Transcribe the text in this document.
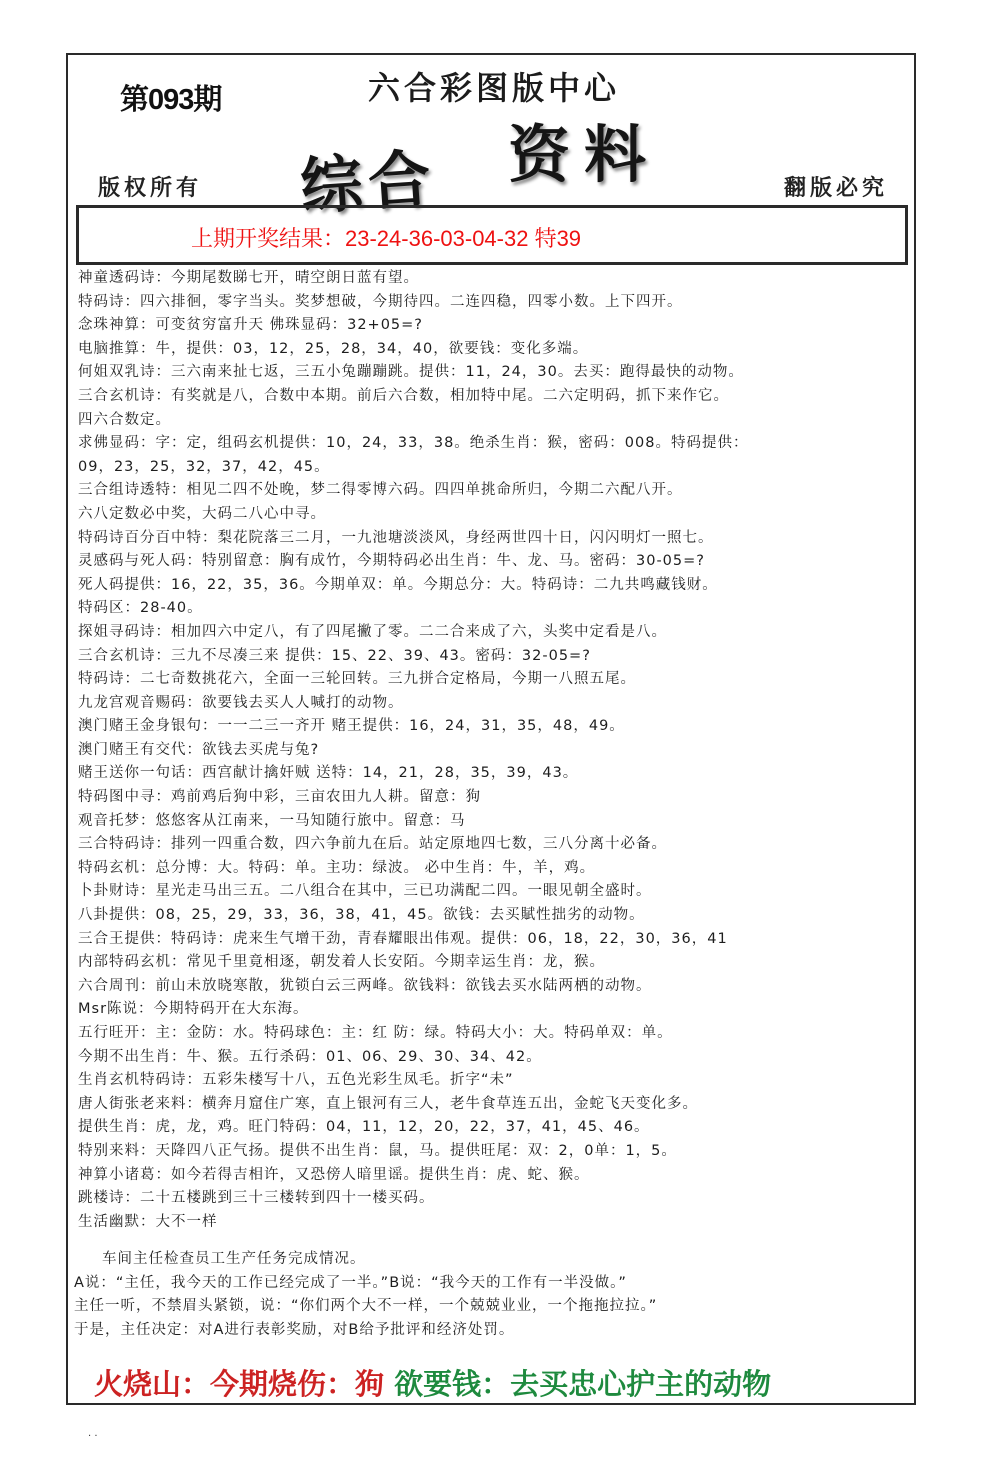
第093期	六合彩图版中心
综合 资料
版权所有	翻版必究
上期开奖结果：23-24-36-03-04-32 特39
神童透码诗：今期尾数睇七开，晴空朗日蓝有望。
特码诗：四六排徊，零字当头。奖梦想破，今期待四。二连四稳，四零小数。上下四开。
念珠神算：可变贫穷富升天 佛珠显码：32+05=?
电脑推算：牛，提供：03，12，25，28，34，40，欲要钱：变化多端。
何姐双乳诗：三六南来扯七返，三五小兔蹦蹦跳。提供：11，24，30。去买：跑得最快的动物。
三合玄机诗：有奖就是八，合数中本期。前后六合数，相加特中尾。二六定明码，抓下来作它。
四六合数定。
求佛显码：字：定，组码玄机提供：10，24，33，38。绝杀生肖：猴，密码：008。特码提供：
09，23，25，32，37，42，45。
三合组诗透特：相见二四不处晚，梦二得零博六码。四四单挑命所归，今期二六配八开。
六八定数必中奖，大码二八心中寻。
特码诗百分百中特：梨花院落三二月，一九池塘淡淡风，身经两世四十日，闪闪明灯一照七。
灵感码与死人码：特别留意：胸有成竹，今期特码必出生肖：牛、龙、马。密码：30-05=?
死人码提供：16，22，35，36。今期单双：单。今期总分：大。特码诗：二九共鸣藏钱财。
特码区：28-40。
探姐寻码诗：相加四六中定八，有了四尾撇了零。二二合来成了六，头奖中定看是八。
三合玄机诗：三九不尽凑三来 提供：15、22、39、43。密码：32-05=?
特码诗：二七奇数挑花六，全面一三轮回转。三九拼合定格局，今期一八照五尾。
九龙宫观音赐码：欲要钱去买人人喊打的动物。
澳门赌王金身银句：一一二三一齐开 赌王提供：16，24，31，35，48，49。
澳门赌王有交代：欲钱去买虎与兔?
赌王送你一句话：西宫献计擒奸贼 送特：14，21，28，35，39，43。
特码图中寻：鸡前鸡后狗中彩，三亩农田九人耕。留意：狗
观音托梦：悠悠客从江南来，一马知随行旅中。留意：马
三合特码诗：排列一四重合数，四六争前九在后。站定原地四七数，三八分离十必备。
特码玄机：总分博：大。特码：单。主功：绿波。 必中生肖：牛，羊，鸡。
卜卦财诗：星光走马出三五。二八组合在其中，三已功满配二四。一眼见朝全盛时。
八卦提供：08，25，29，33，36，38，41，45。欲钱：去买賦性拙劣的动物。
三合王提供：特码诗：虎来生气增干劲，青春耀眼出伟观。提供：06，18，22，30，36，41
内部特码玄机：常见千里竟相逐，朝发着人长安陌。今期幸运生肖：龙，猴。
六合周刊：前山未放晓寒散，犹锁白云三两峰。欲钱料：欲钱去买水陆两栖的动物。
Msr陈说：今期特码开在大东海。
五行旺开：主：金防：水。特码球色：主：红 防：绿。特码大小：大。特码单双：单。
今期不出生肖：牛、猴。五行杀码：01、06、29、30、34、42。
生肖玄机特码诗：五彩朱楼写十八，五色光彩生凤毛。折字“未”
唐人街张老来料：横奔月窟住广寒，直上银河有三人，老牛食草连五出，金蛇飞天变化多。
提供生肖：虎，龙，鸡。旺门特码：04，11，12，20，22，37，41，45、46。
特别来料：天降四八正气扬。提供不出生肖：鼠，马。提供旺尾：双：2，0单：1，5。
神算小诸葛：如今若得吉相许，又恐傍人暗里谣。提供生肖：虎、蛇、猴。
跳楼诗：二十五楼跳到三十三楼转到四十一楼买码。
生活幽默：大不一样
车间主任检查员工生产任务完成情况。
A说：“主任，我今天的工作已经完成了一半。”B说：“我今天的工作有一半没做。”
主任一听，不禁眉头紧锁，说：“你们两个大不一样，一个兢兢业业，一个拖拖拉拉。”
于是，主任决定：对A进行表彰奖励，对B给予批评和经济处罚。
火烧山：今期烧伤：狗 欲要钱：去买忠心护主的动物
. .
